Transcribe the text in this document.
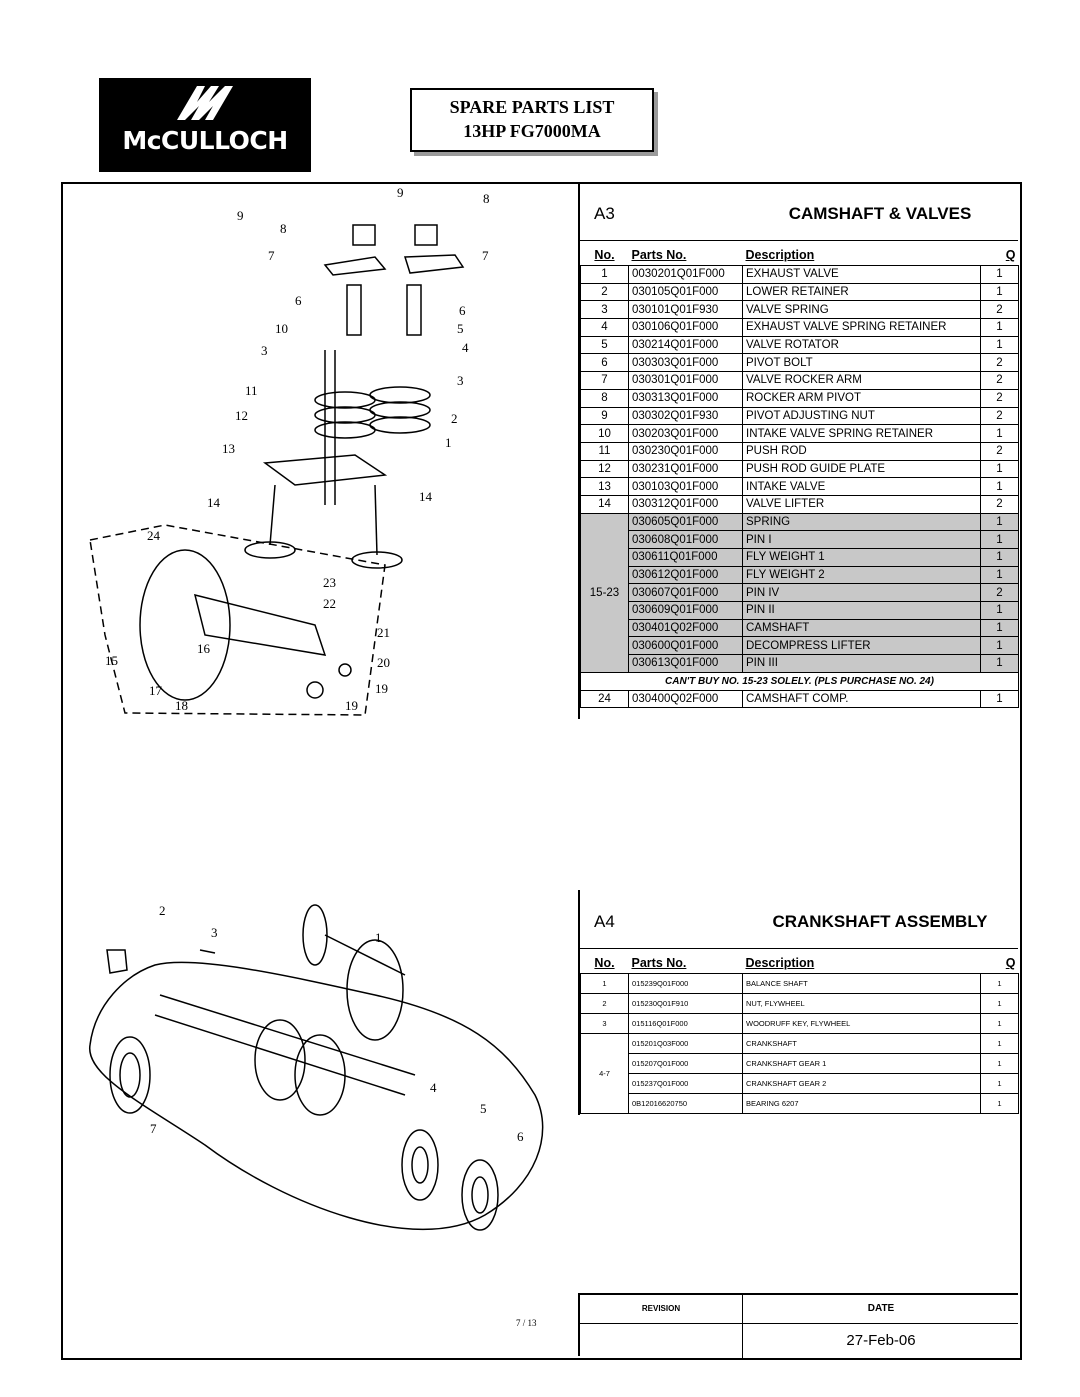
McCULLOCH
SPARE PARTS LIST
13HP FG7000MA
9
9	8
8
7	7
6
6
10	5
3	4
11
3
12	2
13	1
14	14
24
23
22
21
16
15	20
17	19
18	19
2
3	1
4
5
6
7
A3	CAMSHAFT & VALVES
No.	Parts No.	Description	Q
1	0030201Q01F000	EXHAUST VALVE	1
2	030105Q01F000	LOWER RETAINER	1
3	030101Q01F930	VALVE SPRING	2
4	030106Q01F000	EXHAUST VALVE SPRING RETAINER	1
5	030214Q01F000	VALVE ROTATOR	1
6	030303Q01F000	PIVOT BOLT	2
7	030301Q01F000	VALVE ROCKER ARM	2
8	030313Q01F000	ROCKER ARM PIVOT	2
9	030302Q01F930	PIVOT ADJUSTING NUT	2
10	030203Q01F000	INTAKE VALVE SPRING RETAINER	1
11	030230Q01F000	PUSH ROD	2
12	030231Q01F000	PUSH ROD GUIDE PLATE	1
13	030103Q01F000	INTAKE VALVE	1
14	030312Q01F000	VALVE LIFTER	2
15-23	030605Q01F000	SPRING	1
	030608Q01F000	PIN I	1
	030611Q01F000	FLY WEIGHT 1	1
	030612Q01F000	FLY WEIGHT 2	1
	030607Q01F000	PIN IV	2
	030609Q01F000	PIN II	1
	030401Q02F000	CAMSHAFT	1
	030600Q01F000	DECOMPRESS LIFTER	1
	030613Q01F000	PIN III	1
CAN'T BUY NO. 15-23 SOLELY. (PLS PURCHASE NO. 24)			
24	030400Q02F000	CAMSHAFT COMP.	1
A4	CRANKSHAFT ASSEMBLY
No.	Parts No.	Description	Q
1	015239Q01F000	BALANCE SHAFT	1
2	015230Q01F910	NUT, FLYWHEEL	1
3	015116Q01F000	WOODRUFF KEY, FLYWHEEL	1
4-7	015201Q03F000	CRANKSHAFT	1
	015207Q01F000	CRANKSHAFT GEAR 1	1
	015237Q01F000	CRANKSHAFT GEAR 2	1
	0B12016620750	BEARING 6207	1
7 / 13
REVISION	DATE
27-Feb-06
